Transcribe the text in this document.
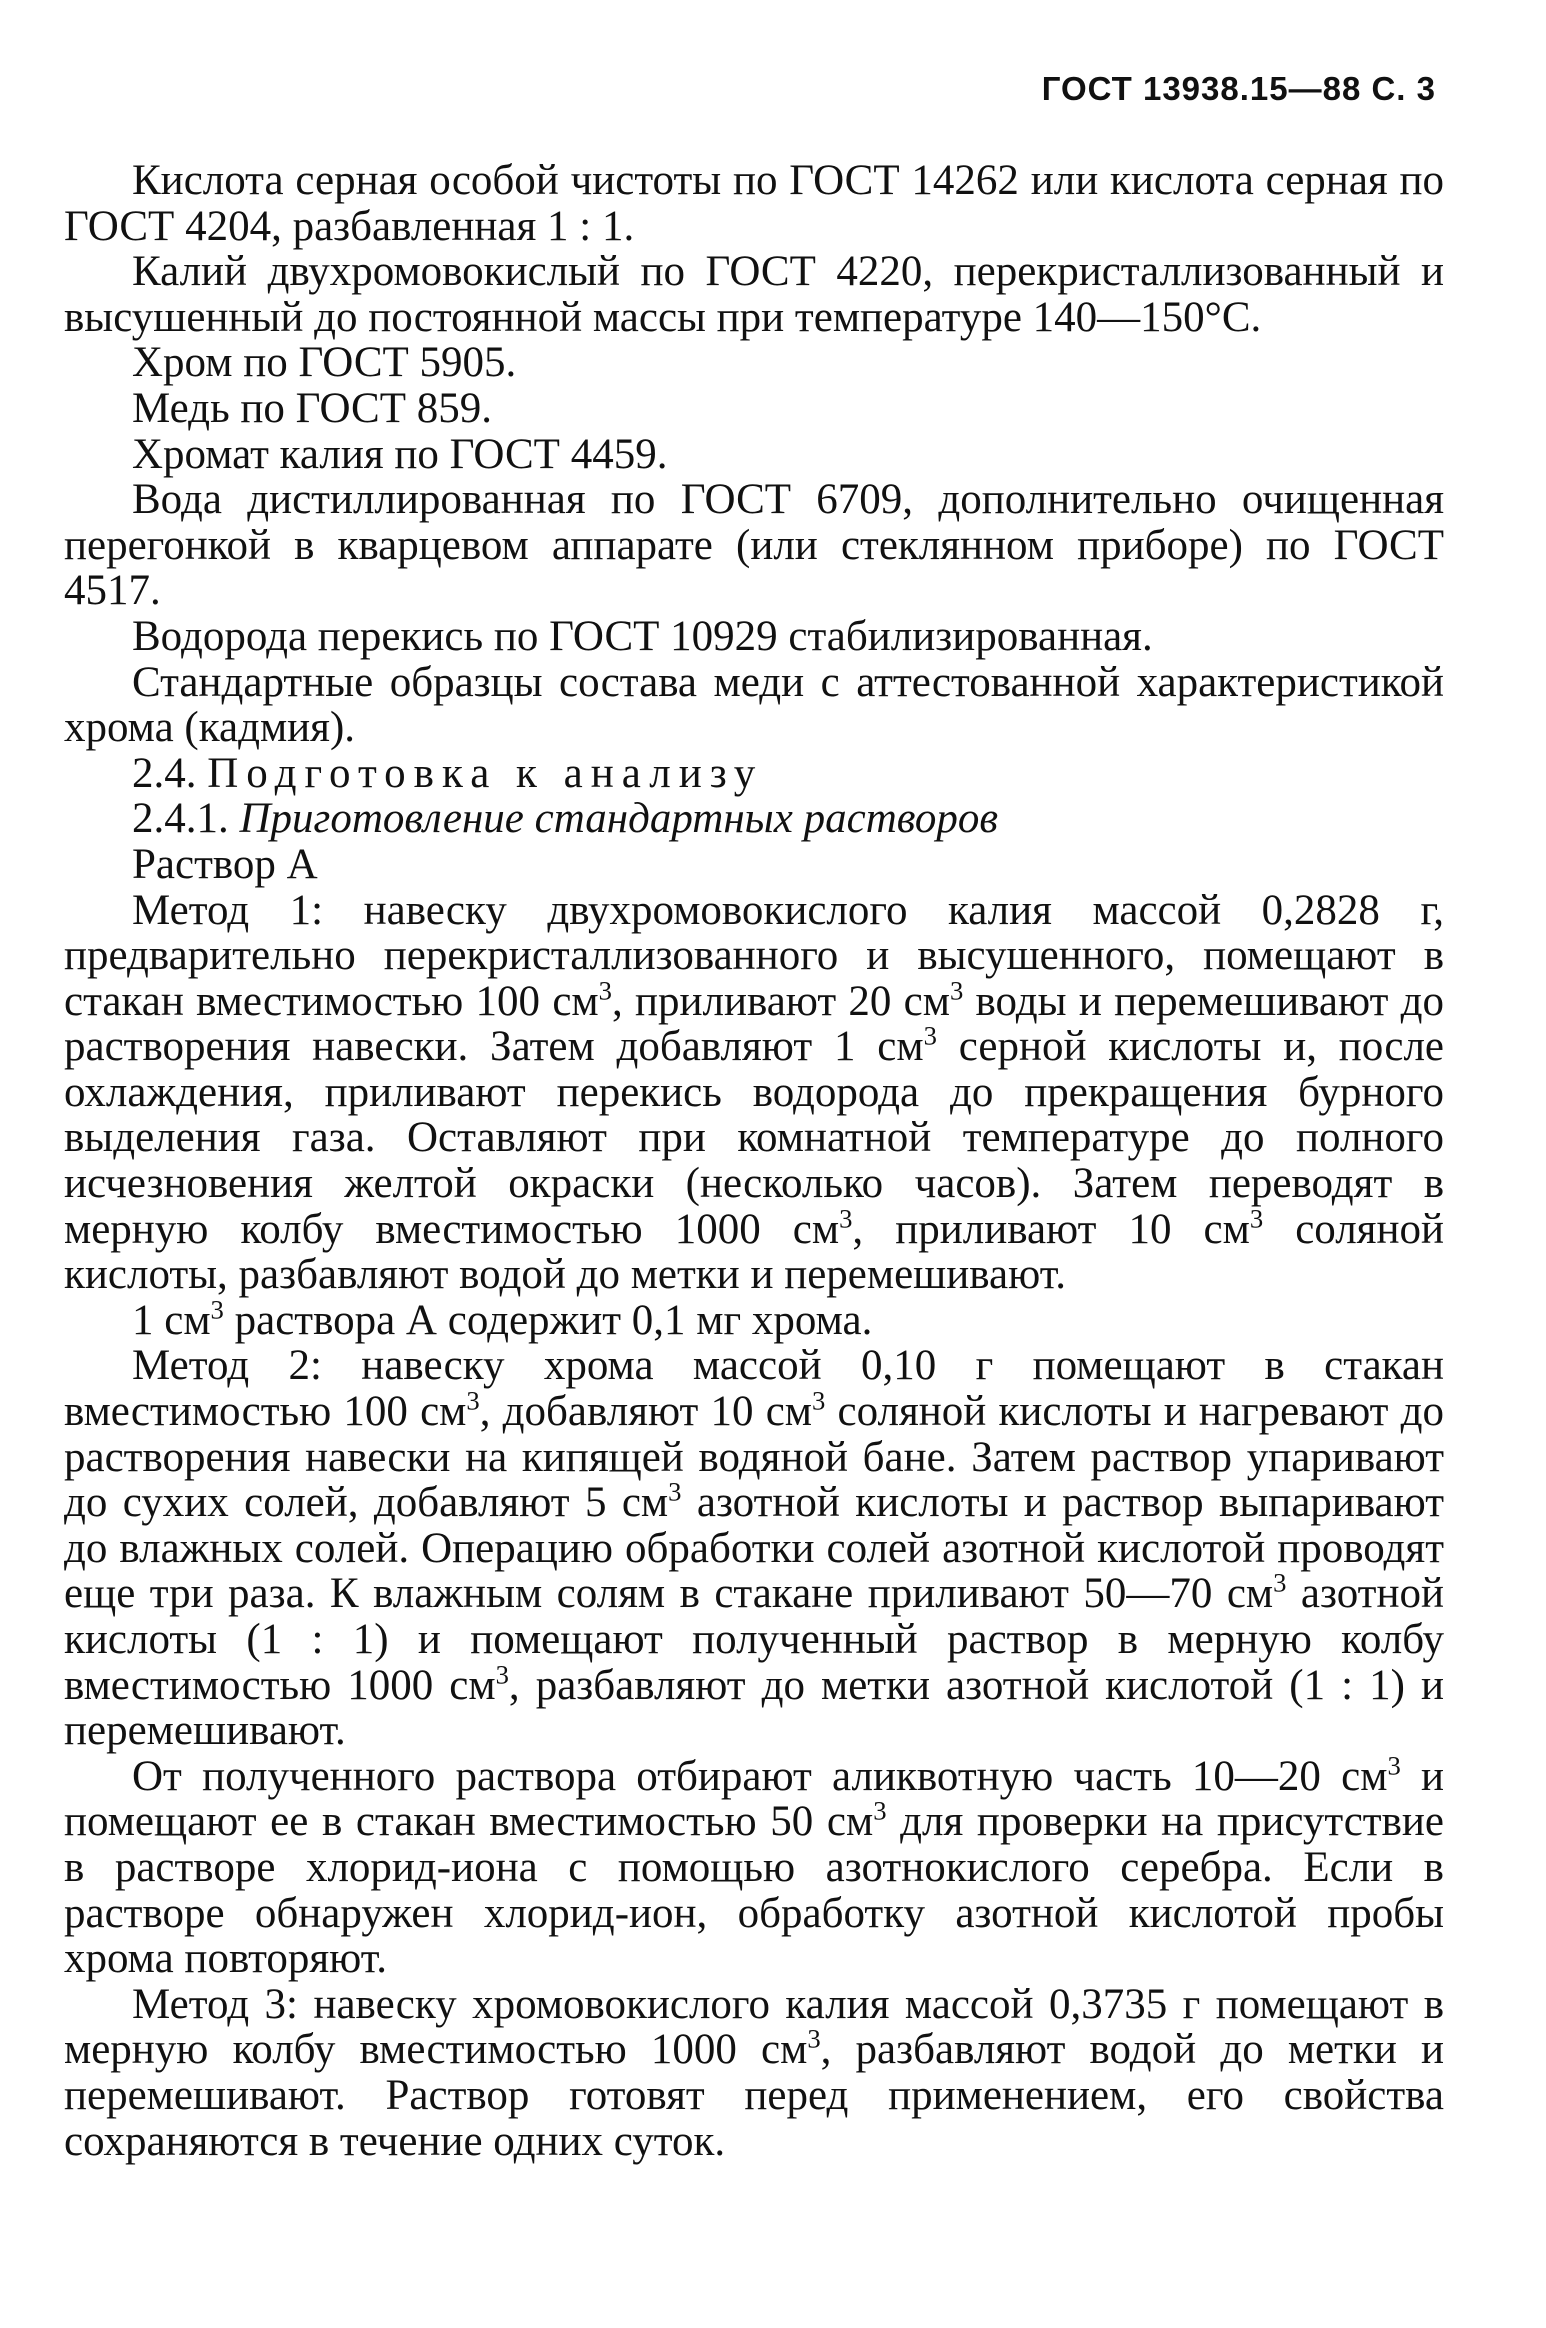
ГОСТ 13938.15—88 С. 3

Кислота серная особой чистоты по ГОСТ 14262 или кислота серная по ГОСТ 4204, разбавленная 1 : 1.

Калий двухромовокислый по ГОСТ 4220, перекристаллизованный и высушенный до постоянной массы при температуре 140—150°С.

Хром по ГОСТ 5905.

Медь по ГОСТ 859.

Хромат калия по ГОСТ 4459.

Вода дистиллированная по ГОСТ 6709, дополнительно очищенная перегонкой в кварцевом аппарате (или стеклянном приборе) по ГОСТ 4517.

Водорода перекись по ГОСТ 10929 стабилизированная.

Стандартные образцы состава меди с аттестованной характеристикой хрома (кадмия).

2.4. Подготовка к анализу

2.4.1. Приготовление стандартных растворов

Раствор А

Метод 1: навеску двухромовокислого калия массой 0,2828 г, предварительно перекристаллизованного и высушенного, помещают в стакан вместимостью 100 $см^3$, приливают 20 $см^3$ воды и перемешивают до растворения навески. Затем добавляют 1 $см^3$ серной кислоты и, после охлаждения, приливают перекись водорода до прекращения бурного выделения газа. Оставляют при комнатной температуре до полного исчезновения желтой окраски (несколько часов). Затем переводят в мерную колбу вместимостью 1000 $см^3$, приливают 10 $см^3$ соляной кислоты, разбавляют водой до метки и перемешивают.

1 $см^3$ раствора А содержит 0,1 мг хрома.

Метод 2: навеску хрома массой 0,10 г помещают в стакан вместимостью 100 $см^3$, добавляют 10 $см^3$ соляной кислоты и нагревают до растворения навески на кипящей водяной бане. Затем раствор упаривают до сухих солей, добавляют 5 $см^3$ азотной кислоты и раствор выпаривают до влажных солей. Операцию обработки солей азотной кислотой проводят еще три раза. К влажным солям в стакане приливают 50—70 $см^3$ азотной кислоты (1 : 1) и помещают полученный раствор в мерную колбу вместимостью 1000 $см^3$, разбавляют до метки азотной кислотой (1 : 1) и перемешивают.

От полученного раствора отбирают аликвотную часть 10—20 $см^3$ и помещают ее в стакан вместимостью 50 $см^3$ для проверки на присутствие в растворе хлорид-иона с помощью азотнокислого серебра. Если в растворе обнаружен хлорид-ион, обработку азотной кислотой пробы хрома повторяют.

Метод 3: навеску хромовокислого калия массой 0,3735 г помещают в мерную колбу вместимостью 1000 $см^3$, разбавляют водой до метки и перемешивают. Раствор готовят перед применением, его свойства сохраняются в течение одних суток.
